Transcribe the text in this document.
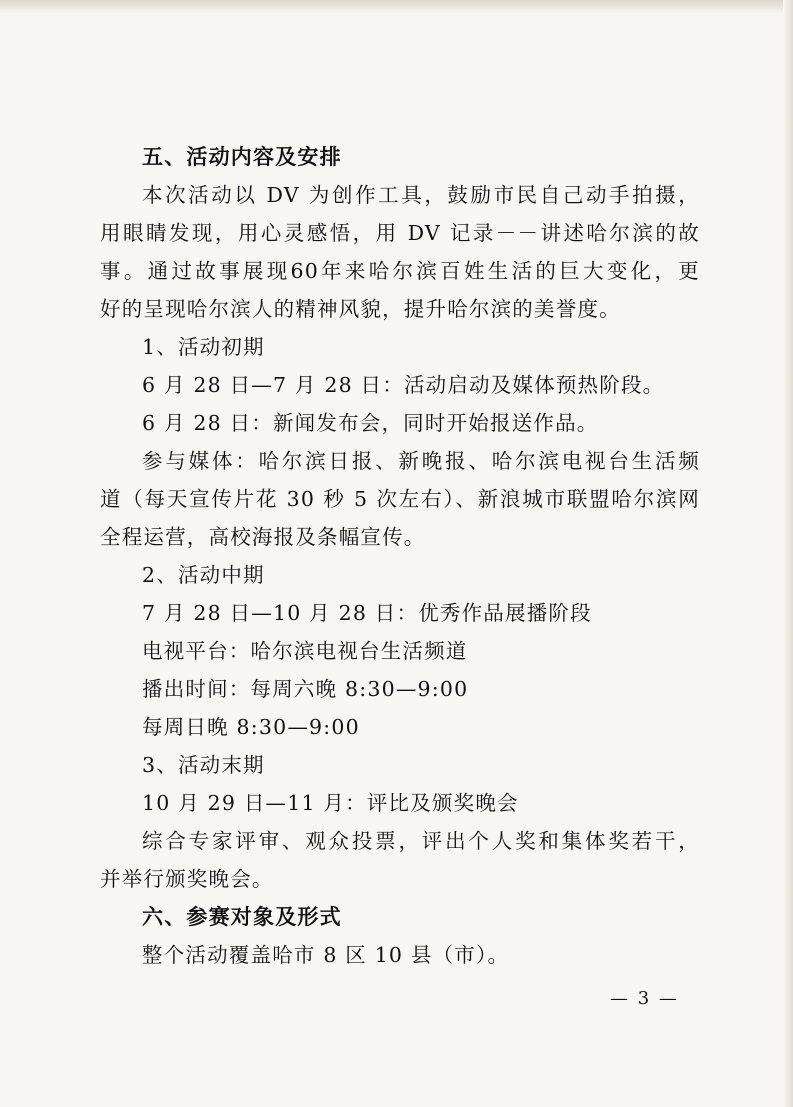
五、活动内容及安排
本次活动以 DV 为创作工具，鼓励市民自己动手拍摄，
用眼睛发现，用心灵感悟，用 DV 记录－－讲述哈尔滨的故
事。通过故事展现60年来哈尔滨百姓生活的巨大变化，更
好的呈现哈尔滨人的精神风貌，提升哈尔滨的美誉度。
1、活动初期
6 月 28 日—7 月 28 日：活动启动及媒体预热阶段。
6 月 28 日：新闻发布会，同时开始报送作品。
参与媒体：哈尔滨日报、新晚报、哈尔滨电视台生活频
道（每天宣传片花 30 秒 5 次左右）、新浪城市联盟哈尔滨网
全程运营，高校海报及条幅宣传。
2、活动中期
7 月 28 日—10 月 28 日：优秀作品展播阶段
电视平台：哈尔滨电视台生活频道
播出时间：每周六晚 8:30—9:00
每周日晚 8:30—9:00
3、活动末期
10 月 29 日—11 月：评比及颁奖晚会
综合专家评审、观众投票，评出个人奖和集体奖若干，
并举行颁奖晚会。
六、参赛对象及形式
整个活动覆盖哈市 8 区 10 县（市）。
— 3 —
